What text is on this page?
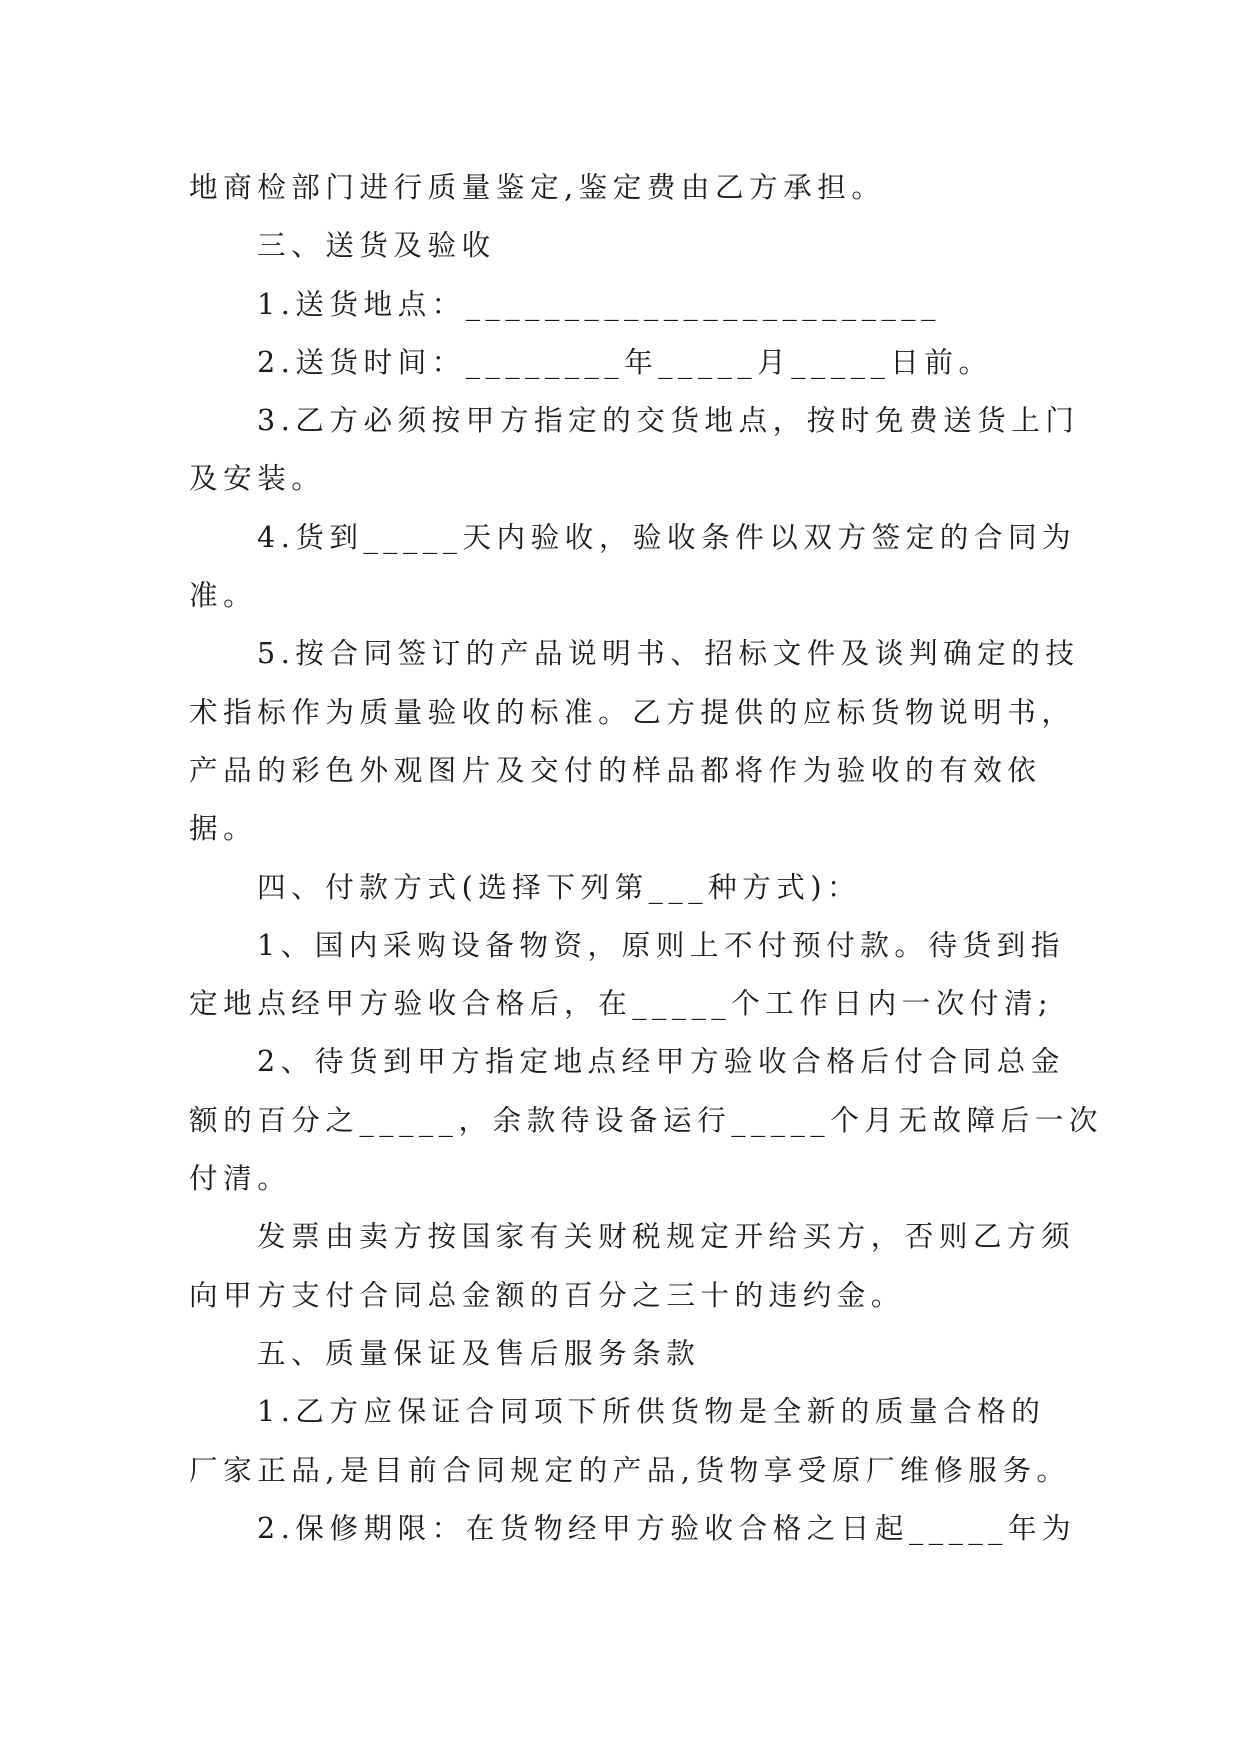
地商检部门进行质量鉴定,鉴定费由乙方承担。
三、送货及验收
1.送货地点：________________________
2.送货时间：________年_____月_____日前。
3.乙方必须按甲方指定的交货地点，按时免费送货上门
及安装。
4.货到_____天内验收，验收条件以双方签定的合同为
准。
5.按合同签订的产品说明书、招标文件及谈判确定的技
术指标作为质量验收的标准。乙方提供的应标货物说明书，
产品的彩色外观图片及交付的样品都将作为验收的有效依
据。
四、付款方式(选择下列第___种方式)：
1、国内采购设备物资，原则上不付预付款。待货到指
定地点经甲方验收合格后，在_____个工作日内一次付清;
2、待货到甲方指定地点经甲方验收合格后付合同总金
额的百分之_____，余款待设备运行_____个月无故障后一次
付清。
发票由卖方按国家有关财税规定开给买方，否则乙方须
向甲方支付合同总金额的百分之三十的违约金。
五、质量保证及售后服务条款
1.乙方应保证合同项下所供货物是全新的质量合格的
厂家正品,是目前合同规定的产品,货物享受原厂维修服务。
2.保修期限：在货物经甲方验收合格之日起_____年为
